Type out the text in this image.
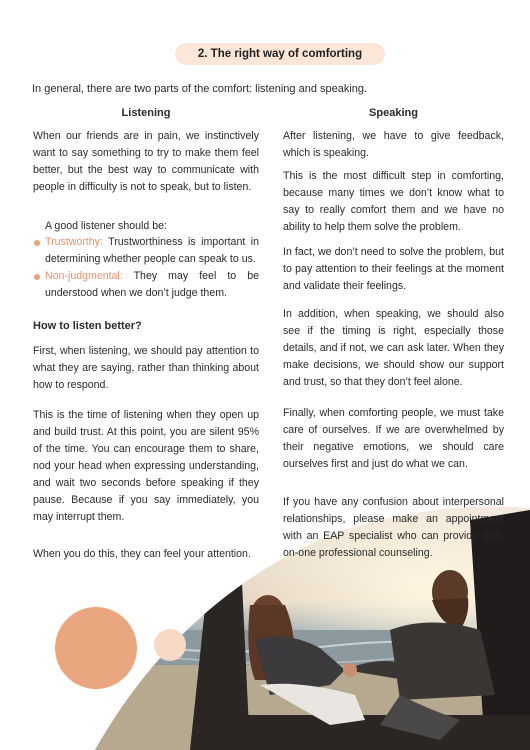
2. The right way of comforting
In general, there are two parts of the comfort: listening and speaking.
Listening	Speaking

When our friends are in pain, we instinctively want to say something to try to make them feel better, but the best way to communicate with people in difficulty is not to speak, but to listen.

A good listener should be:

Trustworthy: Trustworthiness is important in determining whether people can speak to us.

Non-judgmental: They may feel to be understood when we don’t judge them.

How to listen better?

First, when listening, we should pay attention to what they are saying, rather than thinking about how to respond.

This is the time of listening when they open up and build trust. At this point, you are silent 95% of the time. You can encourage them to share, nod your head when expressing understanding, and wait two seconds before speaking if they pause. Because if you say immediately, you may interrupt them.

When you do this, they can feel your attention.

After listening, we have to give feedback, which is speaking.

This is the most difficult step in comforting, because many times we don’t know what to say to really comfort them and we have no ability to help them solve the problem.

In fact, we don’t need to solve the problem, but to pay attention to their feelings at the moment and validate their feelings.

In addition, when speaking, we should also see if the timing is right, especially those details, and if not, we can ask later. When they make decisions, we should show our support and trust, so that they don’t feel alone.

Finally, when comforting people, we must take care of ourselves. If we are overwhelmed by their negative emotions, we should care ourselves first and just do what we can.

If you have any confusion about interpersonal relationships, please make an appointment with an EAP specialist who can provide one-on-one professional counseling.
